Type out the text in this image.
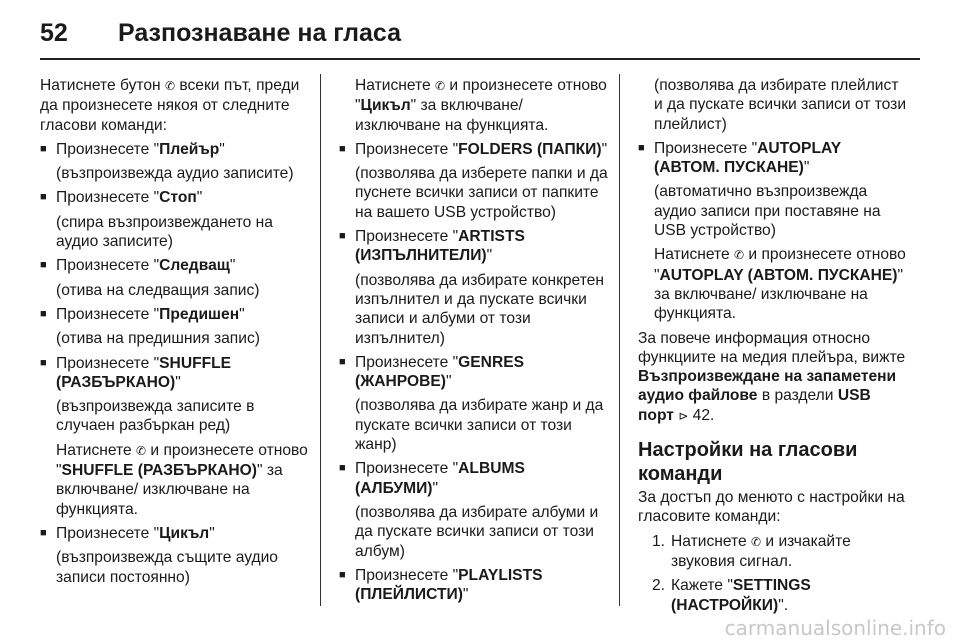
52	Разпознаване на гласа

Натиснете бутон ✆ всеки път, преди да произнесете някоя от следните гласови команди:

■ Произнесете "Плейър"

(възпроизвежда аудио записите)

■ Произнесете "Стоп"

(спира възпроизвеждането на аудио записите)

■ Произнесете "Следващ"

(отива на следващия запис)

■ Произнесете "Предишен"

(отива на предишния запис)

■ Произнесете "SHUFFLE (РАЗБЪРКАНО)"

(възпроизвежда записите в случаен разбъркан ред)

Натиснете ✆ и произнесете отново "SHUFFLE (РАЗБЪРКАНО)" за включване/ изключване на функцията.

■ Произнесете "Цикъл"

(възпроизвежда същите аудио записи постоянно)

Натиснете ✆ и произнесете отново "Цикъл" за включване/ изключване на функцията.

■ Произнесете "FOLDERS (ПАПКИ)"

(позволява да изберете папки и да пуснете всички записи от папките на вашето USB устройство)

■ Произнесете "ARTISTS (ИЗПЪЛНИТЕЛИ)"

(позволява да избирате конкретен изпълнител и да пускате всички записи и албуми от този изпълнител)

■ Произнесете "GENRES (ЖАНРОВЕ)"

(позволява да избирате жанр и да пускате всички записи от този жанр)

■ Произнесете "ALBUMS (АЛБУМИ)"

(позволява да избирате албуми и да пускате всички записи от този албум)

■ Произнесете "PLAYLISTS (ПЛЕЙЛИСТИ)"

(позволява да избирате плейлист и да пускате всички записи от този плейлист)

■ Произнесете "AUTOPLAY (АВТОМ. ПУСКАНЕ)"

(автоматично възпроизвежда аудио записи при поставяне на USB устройство)

Натиснете ✆ и произнесете отново "AUTOPLAY (АВТОМ. ПУСКАНЕ)" за включване/ изключване на функцията.

За повече информация относно функциите на медия плейъра, вижте Възпроизвеждане на запаметени аудио файлове в раздели USB порт ⊳ 42.

Настройки на гласови команди

За достъп до менюто с настройки на гласовите команди:

1. Натиснете ✆ и изчакайте звуковия сигнал.
2. Кажете "SETTINGS (НАСТРОЙКИ)".
carmanualsonline.info
